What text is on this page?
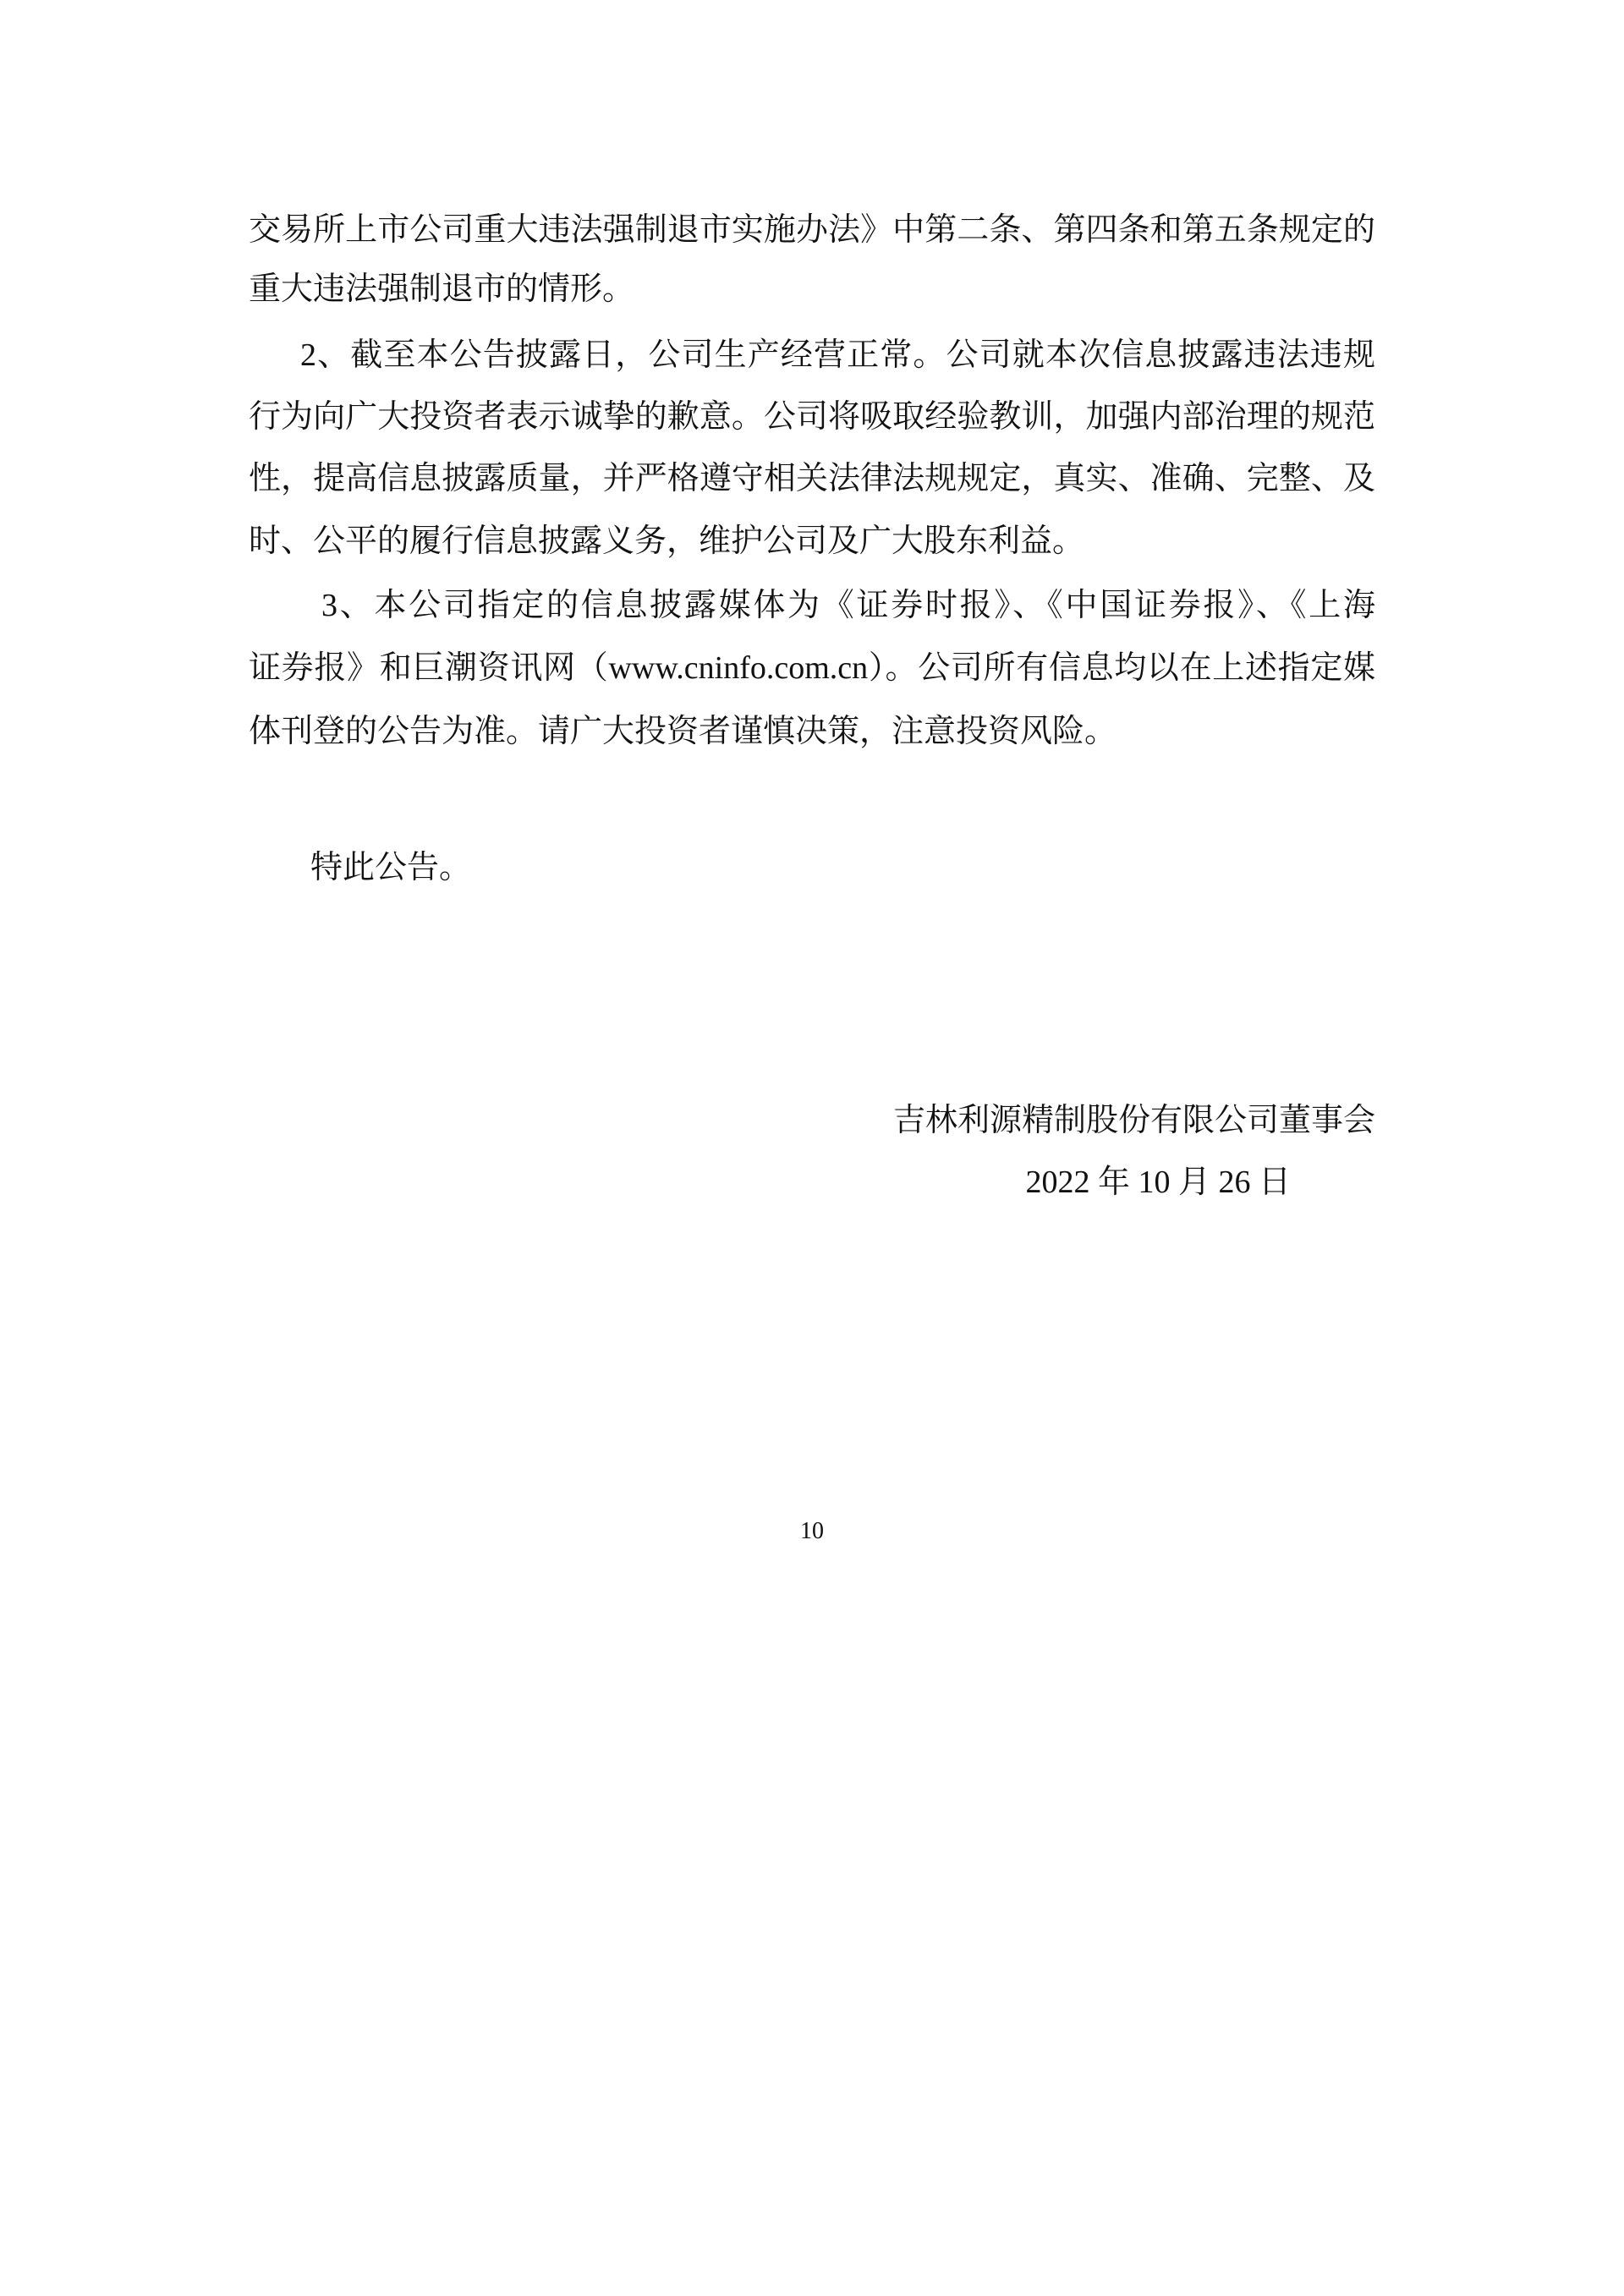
交易所上市公司重大违法强制退市实施办法》中第二条、第四条和第五条规定的
重大违法强制退市的情形。
2、截至本公告披露日，公司生产经营正常。公司就本次信息披露违法违规
行为向广大投资者表示诚挚的歉意。公司将吸取经验教训，加强内部治理的规范
性，提高信息披露质量，并严格遵守相关法律法规规定，真实、准确、完整、及
时、公平的履行信息披露义务，维护公司及广大股东利益。
3、本公司指定的信息披露媒体为《证券时报》、《中国证券报》、《上海
证券报》和巨潮资讯网（www.cninfo.com.cn）。公司所有信息均以在上述指定媒
体刊登的公告为准。请广大投资者谨慎决策，注意投资风险。
特此公告。
吉林利源精制股份有限公司董事会
2022 年 10 月 26 日
10
